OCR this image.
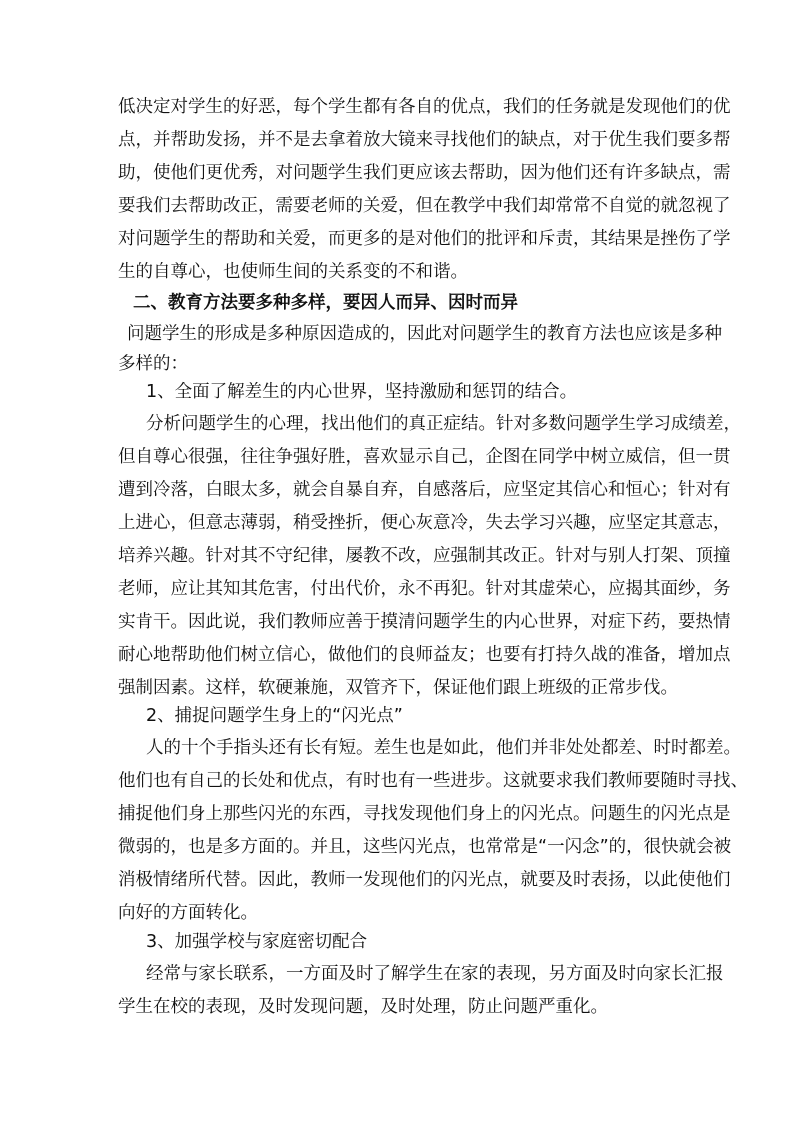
低决定对学生的好恶，每个学生都有各自的优点，我们的任务就是发现他们的优
点，并帮助发扬，并不是去拿着放大镜来寻找他们的缺点，对于优生我们要多帮
助，使他们更优秀，对问题学生我们更应该去帮助，因为他们还有许多缺点，需
要我们去帮助改正，需要老师的关爱，但在教学中我们却常常不自觉的就忽视了
对问题学生的帮助和关爱，而更多的是对他们的批评和斥责，其结果是挫伤了学
生的自尊心，也使师生间的关系变的不和谐。
二、教育方法要多种多样，要因人而异、因时而异
问题学生的形成是多种原因造成的，因此对问题学生的教育方法也应该是多种
多样的：
1、全面了解差生的内心世界，坚持激励和惩罚的结合。
分析问题学生的心理，找出他们的真正症结。针对多数问题学生学习成绩差，
但自尊心很强，往往争强好胜，喜欢显示自己，企图在同学中树立威信，但一贯
遭到冷落，白眼太多，就会自暴自弃，自感落后，应坚定其信心和恒心；针对有
上进心，但意志薄弱，稍受挫折，便心灰意冷，失去学习兴趣，应坚定其意志，
培养兴趣。针对其不守纪律，屡教不改，应强制其改正。针对与别人打架、顶撞
老师，应让其知其危害，付出代价，永不再犯。针对其虚荣心，应揭其面纱，务
实肯干。因此说，我们教师应善于摸清问题学生的内心世界，对症下药，要热情
耐心地帮助他们树立信心，做他们的良师益友；也要有打持久战的准备，增加点
强制因素。这样，软硬兼施，双管齐下，保证他们跟上班级的正常步伐。
2、捕捉问题学生身上的“闪光点”
人的十个手指头还有长有短。差生也是如此，他们并非处处都差、时时都差。
他们也有自己的长处和优点，有时也有一些进步。这就要求我们教师要随时寻找、
捕捉他们身上那些闪光的东西，寻找发现他们身上的闪光点。问题生的闪光点是
微弱的，也是多方面的。并且，这些闪光点，也常常是“一闪念”的，很快就会被
消极情绪所代替。因此，教师一发现他们的闪光点，就要及时表扬，以此使他们
向好的方面转化。
3、加强学校与家庭密切配合
经常与家长联系，一方面及时了解学生在家的表现，另方面及时向家长汇报
学生在校的表现，及时发现问题，及时处理，防止问题严重化。
